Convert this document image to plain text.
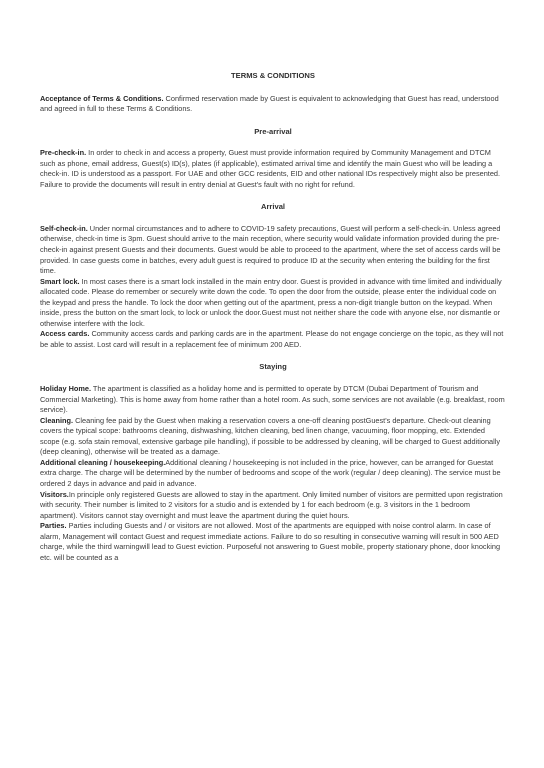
TERMS & CONDITIONS

Acceptance of Terms & Conditions. Confirmed reservation made by Guest is equivalent to acknowledging that Guest has read, understood and agreed in full to these Terms & Conditions.

Pre-arrival

Pre-check-in. In order to check in and access a property, Guest must provide information required by Community Management and DTCM such as phone, email address, Guest(s) ID(s), plates (if applicable), estimated arrival time and identify the main Guest who will be leading a check-in. ID is understood as a passport. For UAE and other GCC residents, EID and other national IDs respectively might also be presented. Failure to provide the documents will result in entry denial at Guest's fault with no right for refund.

Arrival

Self-check-in. Under normal circumstances and to adhere to COVID-19 safety precautions, Guest will perform a self-check-in. Unless agreed otherwise, check-in time is 3pm. Guest should arrive to the main reception, where security would validate information provided during the pre-check-in against present Guests and their documents. Guest would be able to proceed to the apartment, where the set of access cards will be provided. In case guests come in batches, every adult guest is required to produce ID at the security when entering the building for the first time.

Smart lock. In most cases there is a smart lock installed in the main entry door. Guest is provided in advance with time limited and individually allocated code. Please do remember or securely write down the code. To open the door from the outside, please enter the individual code on the keypad and press the handle. To lock the door when getting out of the apartment, press a non-digit triangle button on the keypad. When inside, press the button on the smart lock, to lock or unlock the door.Guest must not neither share the code with anyone else, nor dismantle or otherwise interfere with the lock.

Access cards. Community access cards and parking cards are in the apartment. Please do not engage concierge on the topic, as they will not be able to assist. Lost card will result in a replacement fee of minimum 200 AED.

Staying

Holiday Home. The apartment is classified as a holiday home and is permitted to operate by DTCM (Dubai Department of Tourism and Commercial Marketing). This is home away from home rather than a hotel room. As such, some services are not available (e.g. breakfast, room service).

Cleaning. Cleaning fee paid by the Guest when making a reservation covers a one-off cleaning postGuest's departure. Check-out cleaning covers the typical scope: bathrooms cleaning, dishwashing, kitchen cleaning, bed linen change, vacuuming, floor mopping, etc. Extended scope (e.g. sofa stain removal, extensive garbage pile handling), if possible to be addressed by cleaning, will be charged to Guest additionally (deep cleaning), otherwise will be treated as a damage.

Additional cleaning / housekeeping.Additional cleaning / housekeeping is not included in the price, however, can be arranged for Guestat extra charge. The charge will be determined by the number of bedrooms and scope of the work (regular / deep cleaning). The service must be ordered 2 days in advance and paid in advance.

Visitors.In principle only registered Guests are allowed to stay in the apartment. Only limited number of visitors are permitted upon registration with security. Their number is limited to 2 visitors for a studio and is extended by 1 for each bedroom (e.g. 3 visitors in the 1 bedroom apartment). Visitors cannot stay overnight and must leave the apartment during the quiet hours.

Parties. Parties including Guests and / or visitors are not allowed. Most of the apartments are equipped with noise control alarm. In case of alarm, Management will contact Guest and request immediate actions. Failure to do so resulting in consecutive warning will result in 500 AED charge, while the third warningwill lead to Guest eviction. Purposeful not answering to Guest mobile, property stationary phone, door knocking etc. will be counted as a
